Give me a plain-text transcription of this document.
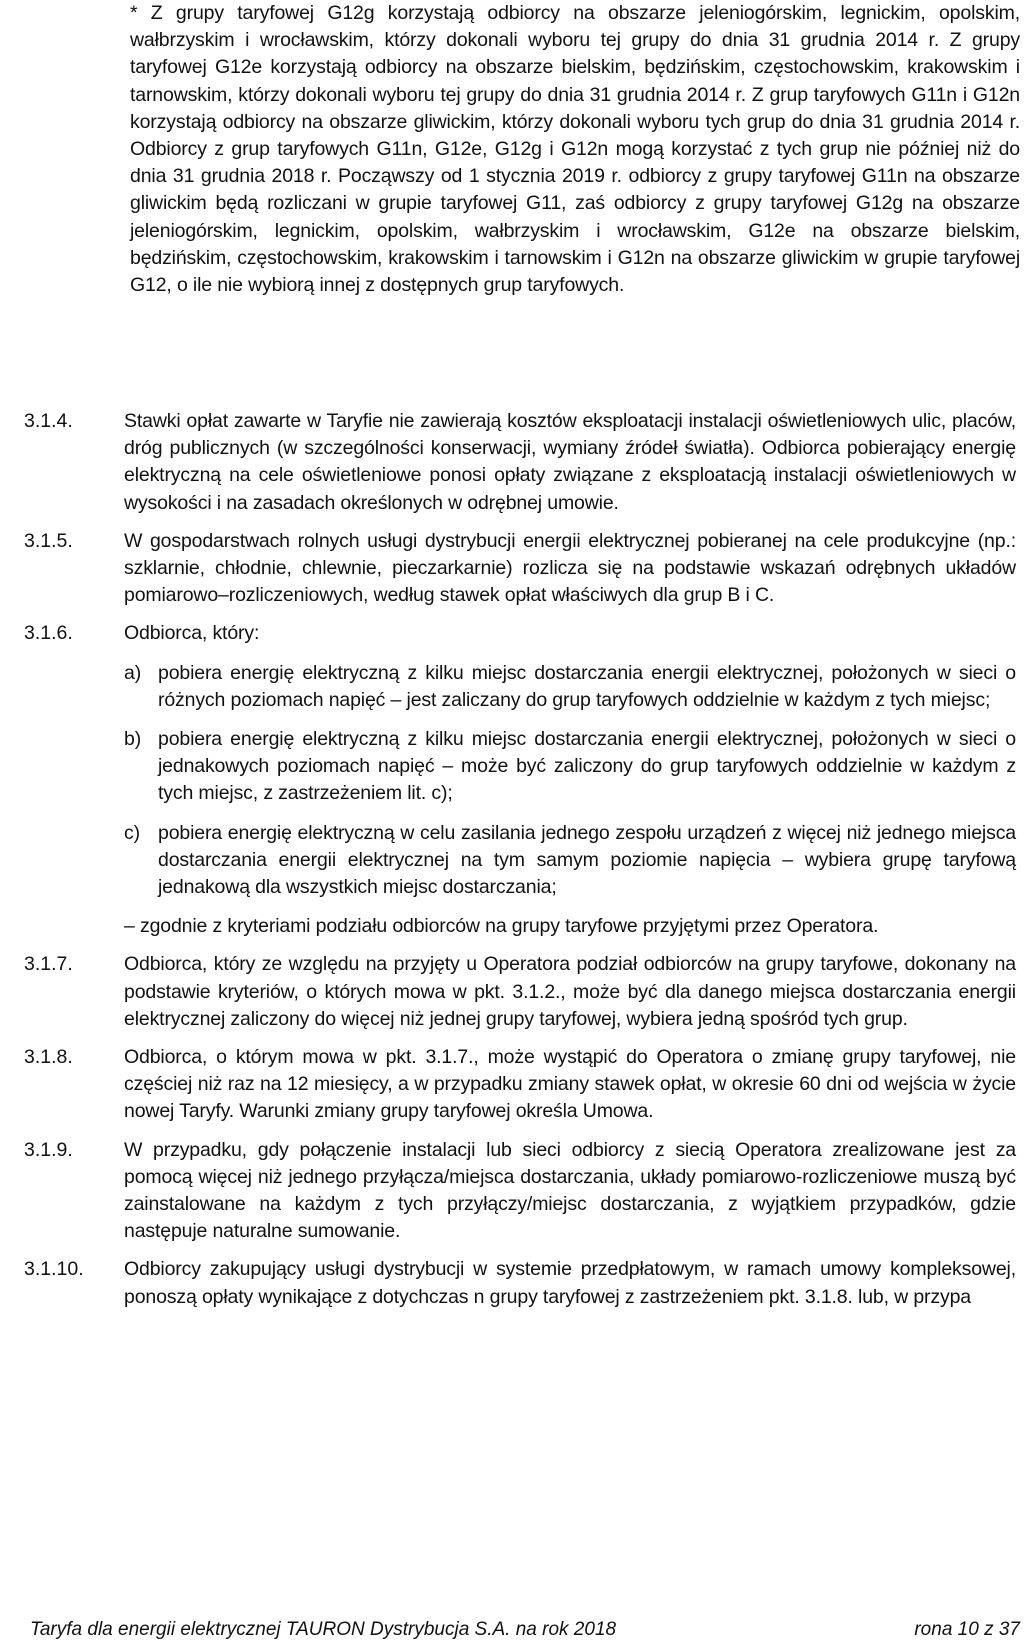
* Z grupy taryfowej G12g korzystają odbiorcy na obszarze jeleniogórskim, legnickim, opolskim, wałbrzyskim i wrocławskim, którzy dokonali wyboru tej grupy do dnia 31 grudnia 2014 r. Z grupy taryfowej G12e korzystają odbiorcy na obszarze bielskim, będzińskim, częstochowskim, krakowskim i tarnowskim, którzy dokonali wyboru tej grupy do dnia 31 grudnia 2014 r. Z grup taryfowych G11n i G12n korzystają odbiorcy na obszarze gliwickim, którzy dokonali wyboru tych grup do dnia 31 grudnia 2014 r. Odbiorcy z grup taryfowych G11n, G12e, G12g i G12n mogą korzystać z tych grup nie później niż do dnia 31 grudnia 2018 r. Począwszy od 1 stycznia 2019 r. odbiorcy z grupy taryfowej G11n na obszarze gliwickim będą rozliczani w grupie taryfowej G11, zaś odbiorcy z grupy taryfowej G12g na obszarze jeleniogórskim, legnickim, opolskim, wałbrzyskim i wrocławskim, G12e na obszarze bielskim, będzińskim, częstochowskim, krakowskim i tarnowskim i G12n na obszarze gliwickim w grupie taryfowej G12, o ile nie wybiorą innej z dostępnych grup taryfowych.
3.1.4.	Stawki opłat zawarte w Taryfie nie zawierają kosztów eksploatacji instalacji oświetleniowych ulic, placów, dróg publicznych (w szczególności konserwacji, wymiany źródeł światła). Odbiorca pobierający energię elektryczną na cele oświetleniowe ponosi opłaty związane z eksploatacją instalacji oświetleniowych w wysokości i na zasadach określonych w odrębnej umowie.
3.1.5.	W gospodarstwach rolnych usługi dystrybucji energii elektrycznej pobieranej na cele produkcyjne (np.: szklarnie, chłodnie, chlewnie, pieczarkarnie) rozlicza się na podstawie wskazań odrębnych układów pomiarowo–rozliczeniowych, według stawek opłat właściwych dla grup B i C.
3.1.6.	Odbiorca, który:
a) pobiera energię elektryczną z kilku miejsc dostarczania energii elektrycznej, położonych w sieci o różnych poziomach napięć – jest zaliczany do grup taryfowych oddzielnie w każdym z tych miejsc;
b) pobiera energię elektryczną z kilku miejsc dostarczania energii elektrycznej, położonych w sieci o jednakowych poziomach napięć – może być zaliczony do grup taryfowych oddzielnie w każdym z tych miejsc, z zastrzeżeniem lit. c);
c) pobiera energię elektryczną w celu zasilania jednego zespołu urządzeń z więcej niż jednego miejsca dostarczania energii elektrycznej na tym samym poziomie napięcia – wybiera grupę taryfową jednakową dla wszystkich miejsc dostarczania;
– zgodnie z kryteriami podziału odbiorców na grupy taryfowe przyjętymi przez Operatora.
3.1.7.	Odbiorca, który ze względu na przyjęty u Operatora podział odbiorców na grupy taryfowe, dokonany na podstawie kryteriów, o których mowa w pkt. 3.1.2., może być dla danego miejsca dostarczania energii elektrycznej zaliczony do więcej niż jednej grupy taryfowej, wybiera jedną spośród tych grup.
3.1.8.	Odbiorca, o którym mowa w pkt. 3.1.7., może wystąpić do Operatora o zmianę grupy taryfowej, nie częściej niż raz na 12 miesięcy, a w przypadku zmiany stawek opłat, w okresie 60 dni od wejścia w życie nowej Taryfy. Warunki zmiany grupy taryfowej określa Umowa.
3.1.9.	W przypadku, gdy połączenie instalacji lub sieci odbiorcy z siecią Operatora zrealizowane jest za pomocą więcej niż jednego przyłącza/miejsca dostarczania, układy pomiarowo-rozliczeniowe muszą być zainstalowane na każdym z tych przyłączy/miejsc dostarczania, z wyjątkiem przypadków, gdzie następuje naturalne sumowanie.
3.1.10. Odbiorcy zakupujący usługi dystrybucji w systemie przedpłatowym, w ramach umowy kompleksowej, ponoszą opłaty wynikające z dotychczas n grupy taryfowej z zastrzeżeniem pkt. 3.1.8. lub, w przypa
Taryfa dla energii elektrycznej TAURON Dystrybucja S.A. na rok 2018	rona 10 z 37
